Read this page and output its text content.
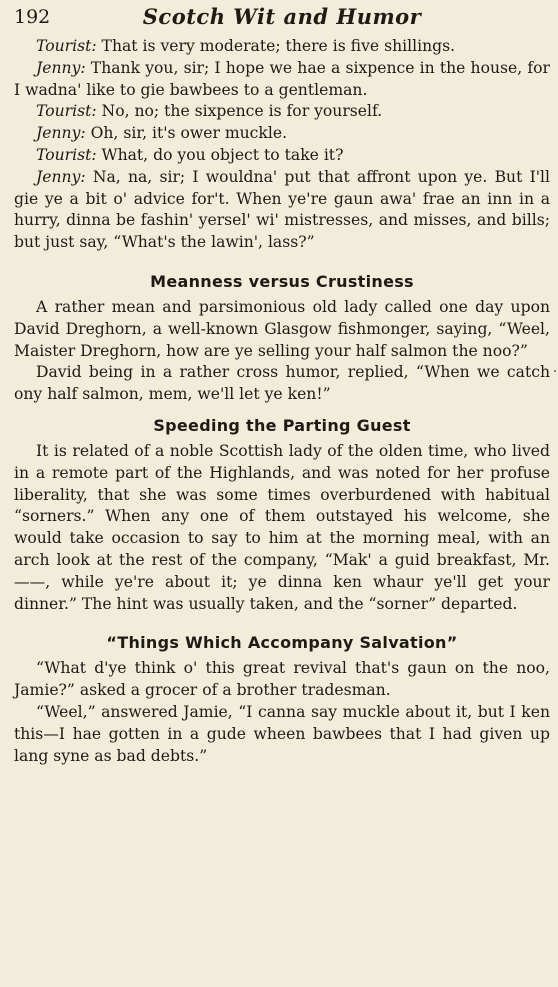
192	Scotch Wit and Humor

Tourist: That is very moderate; there is five shillings.

Jenny: Thank you, sir; I hope we hae a sixpence in the house, for I wadna' like to gie bawbees to a gentleman.

Tourist: No, no; the sixpence is for yourself.

Jenny: Oh, sir, it's ower muckle.

Tourist: What, do you object to take it?

Jenny: Na, na, sir; I wouldna' put that affront upon ye. But I'll gie ye a bit o' advice for't. When ye're gaun awa' frae an inn in a hurry, dinna be fashin' yersel' wi' mistresses, and misses, and bills; but just say, “What's the lawin', lass?”

Meanness versus Crustiness

A rather mean and parsimonious old lady called one day upon David Dreghorn, a well-known Glasgow fishmonger, saying, “Weel, Maister Dreghorn, how are ye selling your half salmon the noo?”

David being in a rather cross humor, replied, “When we catch ony half salmon, mem, we'll let ye ken!”

Speeding the Parting Guest

It is related of a noble Scottish lady of the olden time, who lived in a remote part of the Highlands, and was noted for her profuse liberality, that she was some times overburdened with habitual “sorners.” When any one of them outstayed his welcome, she would take occasion to say to him at the morning meal, with an arch look at the rest of the company, “Mak' a guid breakfast, Mr. ——, while ye're about it; ye dinna ken whaur ye'll get your dinner.” The hint was usually taken, and the “sorner” departed.

“Things Which Accompany Salvation”

“What d'ye think o' this great revival that's gaun on the noo, Jamie?” asked a grocer of a brother tradesman.

“Weel,” answered Jamie, “I canna say muckle about it, but I ken this—I hae gotten in a gude wheen bawbees that I had given up lang syne as bad debts.”
